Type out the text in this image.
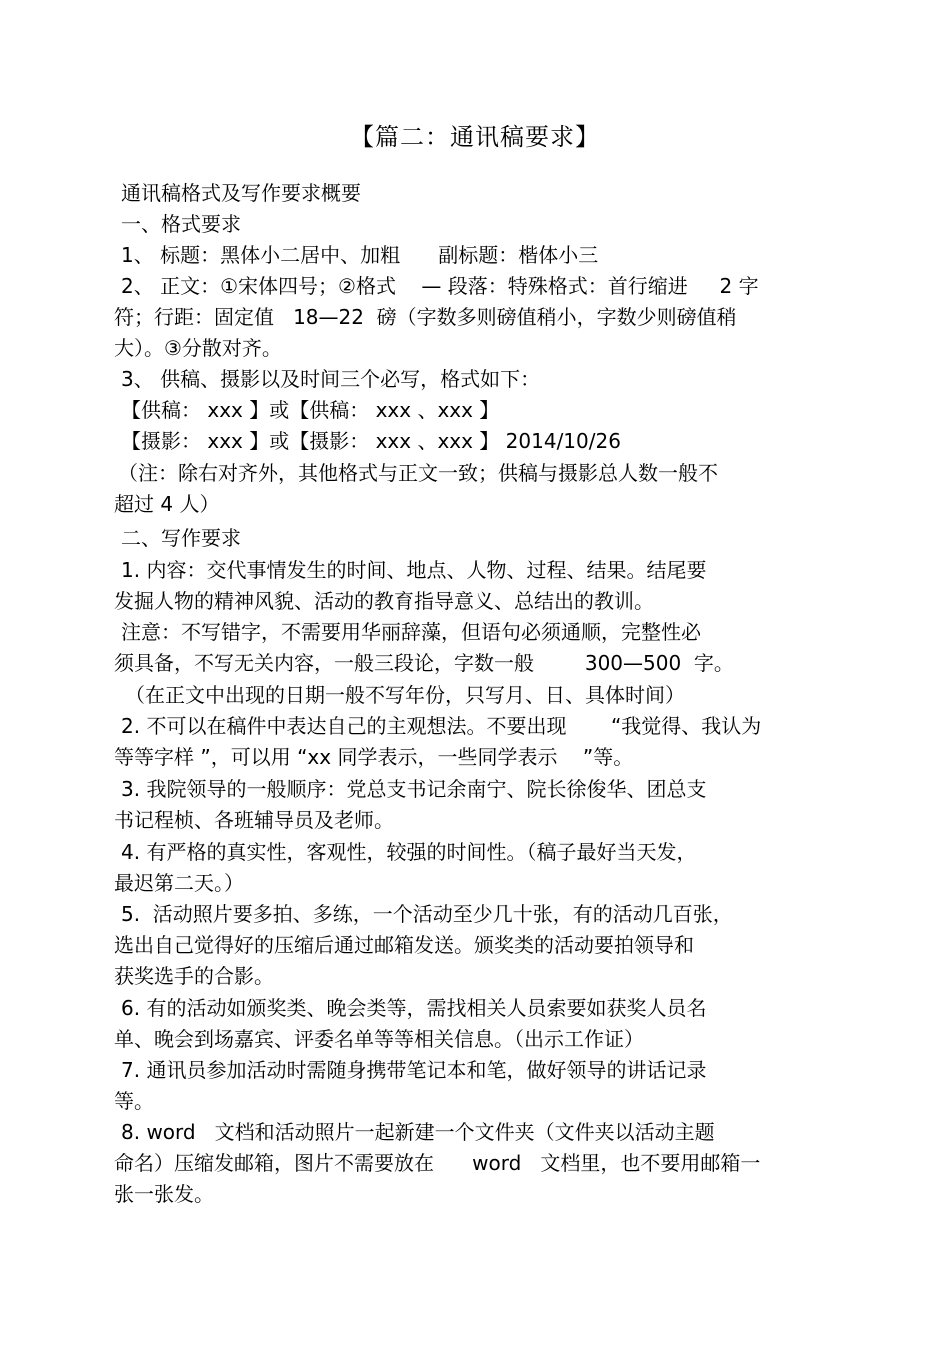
【篇二：通讯稿要求】
通讯稿格式及写作要求概要
一、格式要求
1、 标题：黑体小二居中、加粗      副标题：楷体小三
2、 正文：①宋体四号；②格式    — 段落：特殊格式：首行缩进     2 字
符；行距：固定值   18—22  磅（字数多则磅值稍小，字数少则磅值稍
大）。③分散对齐。
3、 供稿、摄影以及时间三个必写，格式如下：
【供稿： xxx 】或【供稿： xxx 、xxx 】
【摄影： xxx 】或【摄影： xxx 、xxx 】 2014/10/26
（注：除右对齐外，其他格式与正文一致；供稿与摄影总人数一般不
超过 4 人）
二、写作要求
1. 内容：交代事情发生的时间、地点、人物、过程、结果。结尾要
发掘人物的精神风貌、活动的教育指导意义、总结出的教训。
注意：不写错字，不需要用华丽辞藻，但语句必须通顺，完整性必
须具备，不写无关内容，一般三段论，字数一般        300—500  字。
（在正文中出现的日期一般不写年份，只写月、日、具体时间）
2. 不可以在稿件中表达自己的主观想法。不要出现       “我觉得、我认为
等等字样 ”，可以用 “xx 同学表示，一些同学表示    ”等。
3. 我院领导的一般顺序：党总支书记余南宁、院长徐俊华、团总支
书记程桢、各班辅导员及老师。
4. 有严格的真实性，客观性，较强的时间性。（稿子最好当天发，
最迟第二天。）
5.  活动照片要多拍、多练，一个活动至少几十张，有的活动几百张，
选出自己觉得好的压缩后通过邮箱发送。颁奖类的活动要拍领导和
获奖选手的合影。
6. 有的活动如颁奖类、晚会类等，需找相关人员索要如获奖人员名
单、晚会到场嘉宾、评委名单等等相关信息。（出示工作证）
7. 通讯员参加活动时需随身携带笔记本和笔，做好领导的讲话记录
等。
8. word   文档和活动照片一起新建一个文件夹（文件夹以活动主题
命名）压缩发邮箱，图片不需要放在      word   文档里，也不要用邮箱一
张一张发。
